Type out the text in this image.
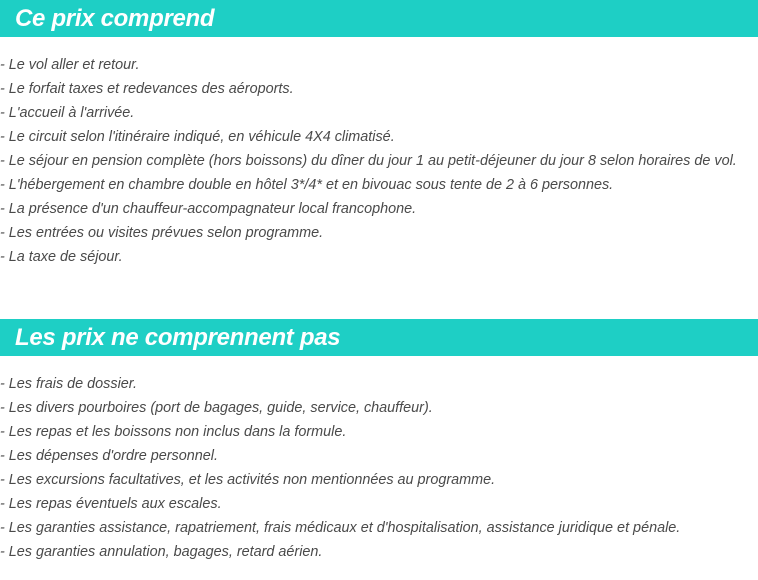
Ce prix comprend
- Le vol aller et retour.
- Le forfait taxes et redevances des aéroports.
- L'accueil à l'arrivée.
- Le circuit selon l'itinéraire indiqué, en véhicule 4X4 climatisé.
- Le séjour en pension complète (hors boissons) du dîner du jour 1 au petit-déjeuner du jour 8 selon horaires de vol.
- L'hébergement en chambre double en hôtel 3*/4* et en bivouac sous tente de 2 à 6 personnes.
- La présence d'un chauffeur-accompagnateur local francophone.
- Les entrées ou visites prévues selon programme.
- La taxe de séjour.
Les prix ne comprennent pas
- Les frais de dossier.
- Les divers pourboires (port de bagages, guide, service, chauffeur).
- Les repas et les boissons non inclus dans la formule.
- Les dépenses d'ordre personnel.
- Les excursions facultatives, et les activités non mentionnées au programme.
- Les repas éventuels aux escales.
- Les garanties assistance, rapatriement, frais médicaux et d'hospitalisation, assistance juridique et pénale.
- Les garanties annulation, bagages, retard aérien.
